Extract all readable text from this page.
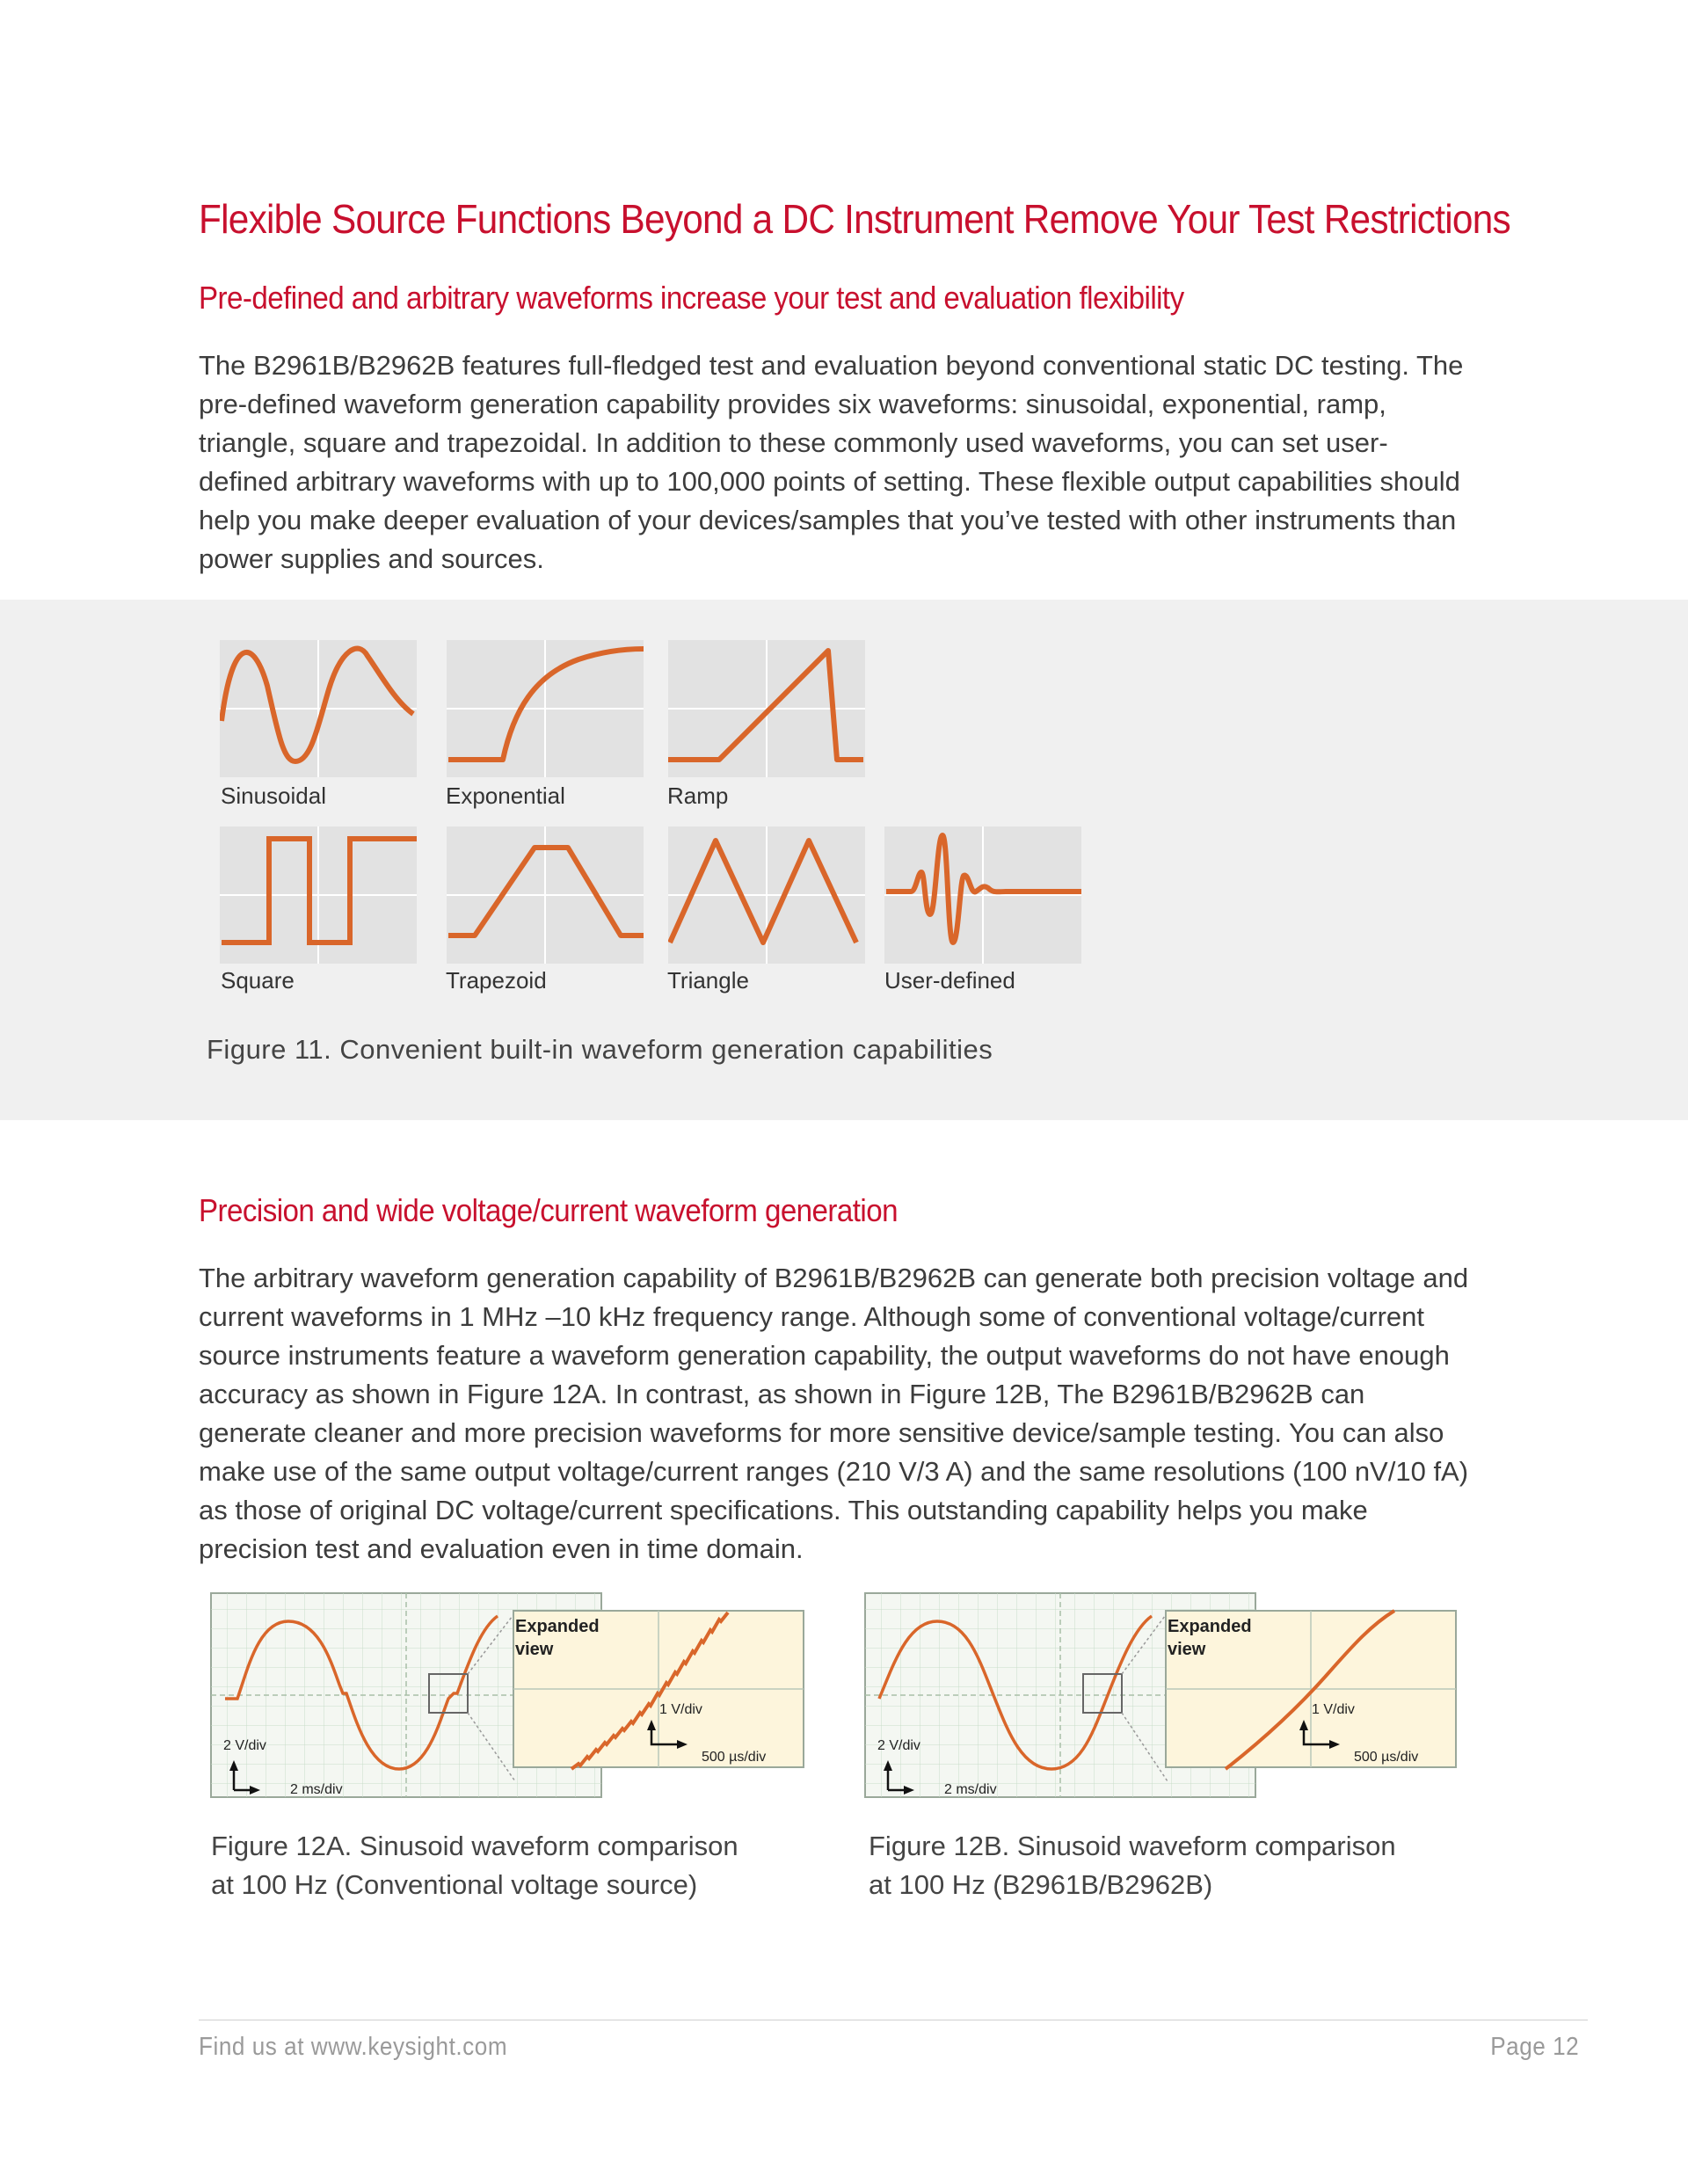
Flexible Source Functions Beyond a DC Instrument Remove Your Test Restrictions
Pre-defined and arbitrary waveforms increase your test and evaluation flexibility

The B2961B/B2962B features full-fledged test and evaluation beyond conventional static DC testing. The
pre-defined waveform generation capability provides six waveforms: sinusoidal, exponential, ramp,
triangle, square and trapezoidal. In addition to these commonly used waveforms, you can set user-
defined arbitrary waveforms with up to 100,000 points of setting. These flexible output capabilities should
help you make deeper evaluation of your devices/samples that you’ve tested with other instruments than
power supplies and sources.

Sinusoidal	Exponential	Ramp
Square	Trapezoid	Triangle	User-defined
Figure 11. Convenient built-in waveform generation capabilities
Precision and wide voltage/current waveform generation

The arbitrary waveform generation capability of B2961B/B2962B can generate both precision voltage and
current waveforms in 1 MHz –10 kHz frequency range. Although some of conventional voltage/current
source instruments feature a waveform generation capability, the output waveforms do not have enough
accuracy as shown in Figure 12A. In contrast, as shown in Figure 12B, The B2961B/B2962B can
generate cleaner and more precision waveforms for more sensitive device/sample testing. You can also
make use of the same output voltage/current ranges (210 V/3 A) and the same resolutions (100 nV/10 fA)
as those of original DC voltage/current specifications. This outstanding capability helps you make
precision test and evaluation even in time domain.

Expanded
view
1 V/div
500 µs/div
2 V/div
2 ms/div
Expanded
view
1 V/div
500 µs/div
2 V/div
2 ms/div
Figure 12A. Sinusoid waveform comparison
at 100 Hz (Conventional voltage source)
Figure 12B. Sinusoid waveform comparison
at 100 Hz (B2961B/B2962B)
Find us at www.keysight.com	Page 12
